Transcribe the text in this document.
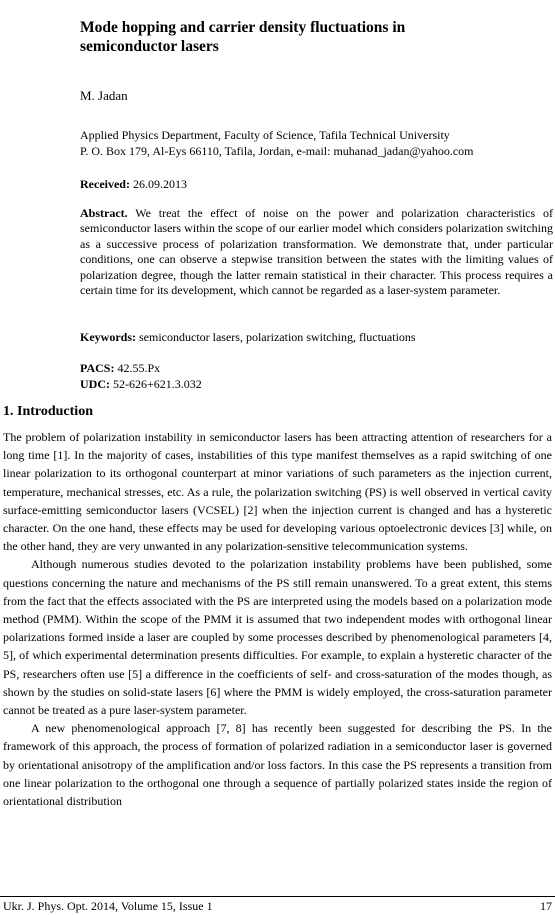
Mode hopping and carrier density fluctuations in semiconductor lasers

M. Jadan

Applied Physics Department, Faculty of Science, Tafila Technical University
P. O. Box 179, Al-Eys 66110, Tafila, Jordan, e-mail: muhanad_jadan@yahoo.com

Received: 26.09.2013

Abstract. We treat the effect of noise on the power and polarization characteristics of semiconductor lasers within the scope of our earlier model which considers polarization switching as a successive process of polarization transformation. We demonstrate that, under particular conditions, one can observe a stepwise transition between the states with the limiting values of polarization degree, though the latter remain statistical in their character. This process requires a certain time for its development, which cannot be regarded as a laser-system parameter.

Keywords: semiconductor lasers, polarization switching, fluctuations

PACS: 42.55.Px
UDC: 52-626+621.3.032
1. Introduction

The problem of polarization instability in semiconductor lasers has been attracting attention of researchers for a long time [1]. In the majority of cases, instabilities of this type manifest themselves as a rapid switching of one linear polarization to its orthogonal counterpart at minor variations of such parameters as the injection current, temperature, mechanical stresses, etc. As a rule, the polarization switching (PS) is well observed in vertical cavity surface-emitting semiconductor lasers (VCSEL) [2] when the injection current is changed and has a hysteretic character. On the one hand, these effects may be used for developing various optoelectronic devices [3] while, on the other hand, they are very unwanted in any polarization-sensitive telecommunication systems.

Although numerous studies devoted to the polarization instability problems have been published, some questions concerning the nature and mechanisms of the PS still remain unanswered. To a great extent, this stems from the fact that the effects associated with the PS are interpreted using the models based on a polarization mode method (PMM). Within the scope of the PMM it is assumed that two independent modes with orthogonal linear polarizations formed inside a laser are coupled by some processes described by phenomenological parameters [4, 5], of which experimental determination presents difficulties. For example, to explain a hysteretic character of the PS, researchers often use [5] a difference in the coefficients of self- and cross-saturation of the modes though, as shown by the studies on solid-state lasers [6] where the PMM is widely employed, the cross-saturation parameter cannot be treated as a pure laser-system parameter.

A new phenomenological approach [7, 8] has recently been suggested for describing the PS. In the framework of this approach, the process of formation of polarized radiation in a semiconductor laser is governed by orientational anisotropy of the amplification and/or loss factors. In this case the PS represents a transition from one linear polarization to the orthogonal one through a sequence of partially polarized states inside the region of orientational distribution

Ukr. J. Phys. Opt. 2014, Volume 15, Issue 1	17
